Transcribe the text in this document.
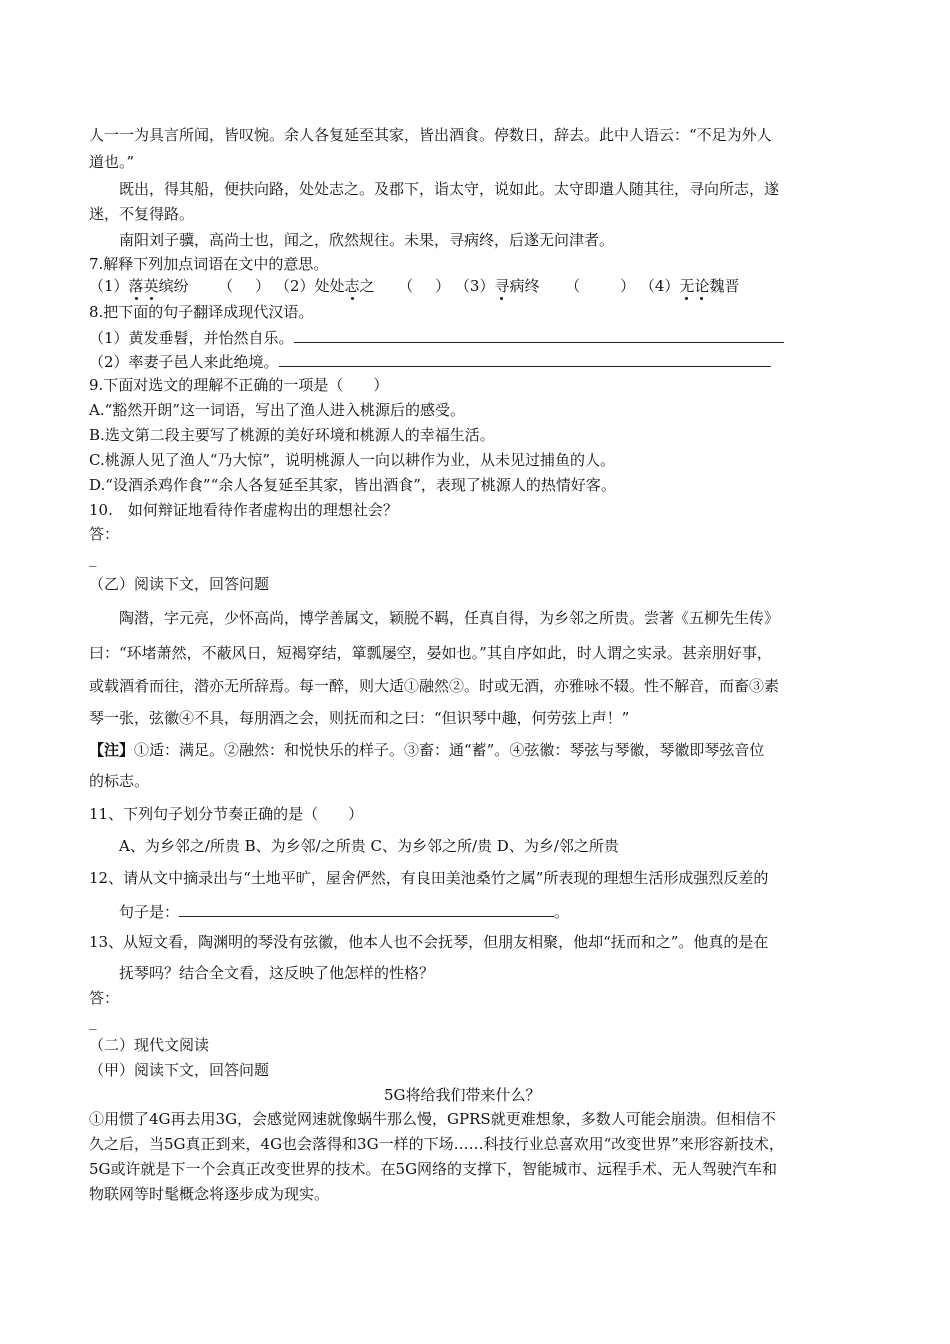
人一一为具言所闻，皆叹惋。余人各复延至其家，皆出酒食。停数日，辞去。此中人语云：“不足为外人
道也。”
既出，得其船，便扶向路，处处志之。及郡下，诣太守，说如此。太守即遣人随其往，寻向所志，遂
迷，不复得路。
南阳刘子骥，高尚士也，闻之，欣然规往。未果，寻病终，后遂无问津者。
7.解释下列加点词语在文中的意思。
（1）落英缤纷 （ ） （2）处处志之 （ ） （3）寻病终 （	） （4）无论魏晋
8.把下面的句子翻译成现代汉语。
（1）黄发垂髫，并怡然自乐。
（2）率妻子邑人来此绝境。
9.下面对选文的理解不正确的一项是（　　）
A.“豁然开朗”这一词语，写出了渔人进入桃源后的感受。
B.选文第二段主要写了桃源的美好环境和桃源人的幸福生活。
C.桃源人见了渔人“乃大惊”，说明桃源人一向以耕作为业，从未见过捕鱼的人。
D.“设酒杀鸡作食”“余人各复延至其家，皆出酒食”，表现了桃源人的热情好客。
10.　如何辩证地看待作者虚构出的理想社会？
答：
_
（乙）阅读下文，回答问题
陶潜，字元亮，少怀高尚，博学善属文，颖脱不羁，任真自得，为乡邻之所贵。尝著《五柳先生传》
曰：“环堵萧然，不蔽风日，短褐穿结，箪瓢屡空，晏如也。”其自序如此，时人谓之实录。甚亲朋好事，
或载酒肴而往，潜亦无所辞焉。每一醉，则大适①融然②。时或无酒，亦雅咏不辍。性不解音，而畜③素
琴一张，弦徽④不具，每朋酒之会，则抚而和之曰：“但识琴中趣，何劳弦上声！”
【注】①适：满足。②融然：和悦快乐的样子。③畜：通“蓄”。④弦徽：琴弦与琴徽，琴徽即琴弦音位
的标志。
11、下列句子划分节奏正确的是（　　）
A、为乡邻之/所贵 B、为乡邻/之所贵 C、为乡邻之所/贵 D、为乡/邻之所贵
12、请从文中摘录出与“土地平旷，屋舍俨然，有良田美池桑竹之属”所表现的理想生活形成强烈反差的
句子是：	。
13、从短文看，陶渊明的琴没有弦徽，他本人也不会抚琴，但朋友相聚，他却“抚而和之”。他真的是在
抚琴吗？结合全文看，这反映了他怎样的性格？
答：
_
（二）现代文阅读
（甲）阅读下文，回答问题
5G将给我们带来什么？
①用惯了4G再去用3G，会感觉网速就像蜗牛那么慢，GPRS就更难想象，多数人可能会崩溃。但相信不
久之后，当5G真正到来，4G也会落得和3G一样的下场……科技行业总喜欢用“改变世界”来形容新技术，
5G或许就是下一个会真正改变世界的技术。在5G网络的支撑下，智能城市、远程手术、无人驾驶汽车和
物联网等时髦概念将逐步成为现实。
